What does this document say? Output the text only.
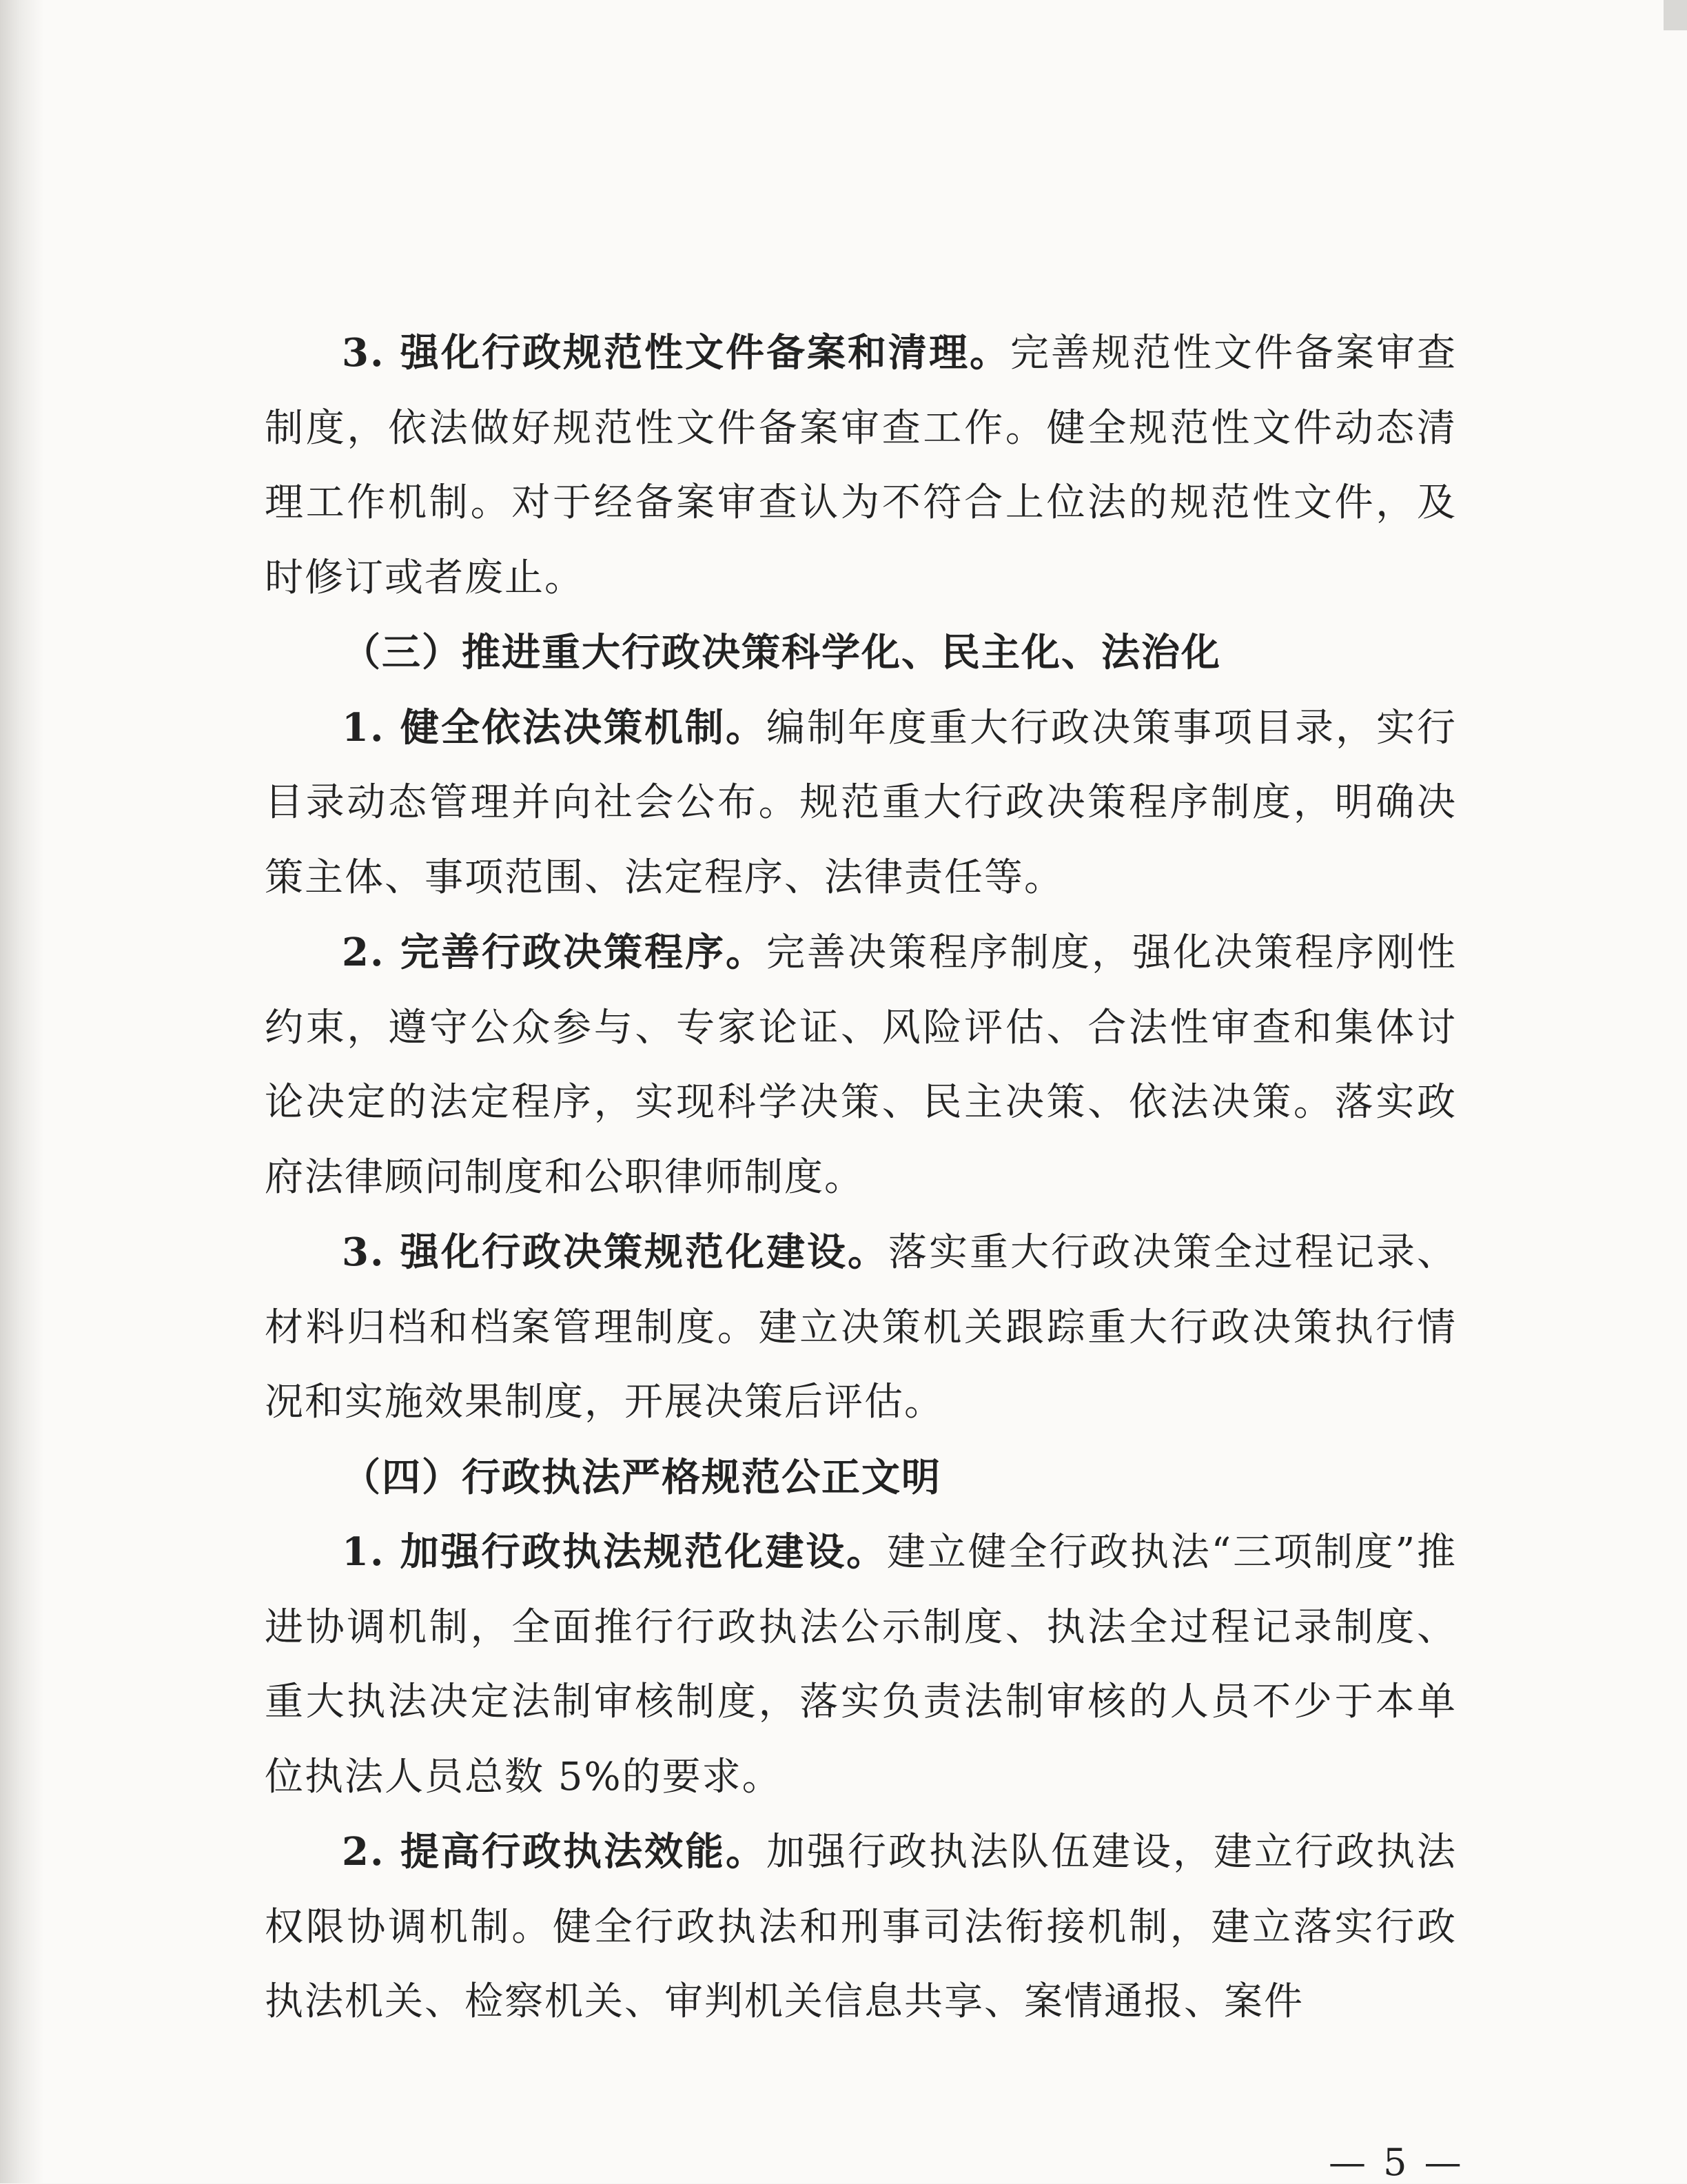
3. 强化行政规范性文件备案和清理。完善规范性文件备案审查制度，依法做好规范性文件备案审查工作。健全规范性文件动态清理工作机制。对于经备案审查认为不符合上位法的规范性文件，及时修订或者废止。

（三）推进重大行政决策科学化、民主化、法治化

1. 健全依法决策机制。编制年度重大行政决策事项目录，实行目录动态管理并向社会公布。规范重大行政决策程序制度，明确决策主体、事项范围、法定程序、法律责任等。

2. 完善行政决策程序。完善决策程序制度，强化决策程序刚性约束，遵守公众参与、专家论证、风险评估、合法性审查和集体讨论决定的法定程序，实现科学决策、民主决策、依法决策。落实政府法律顾问制度和公职律师制度。

3. 强化行政决策规范化建设。落实重大行政决策全过程记录、材料归档和档案管理制度。建立决策机关跟踪重大行政决策执行情况和实施效果制度，开展决策后评估。

（四）行政执法严格规范公正文明

1. 加强行政执法规范化建设。建立健全行政执法“三项制度”推进协调机制，全面推行行政执法公示制度、执法全过程记录制度、重大执法决定法制审核制度，落实负责法制审核的人员不少于本单位执法人员总数 5%的要求。

2. 提高行政执法效能。加强行政执法队伍建设，建立行政执法权限协调机制。健全行政执法和刑事司法衔接机制，建立落实行政执法机关、检察机关、审判机关信息共享、案情通报、案件

— 5 —
